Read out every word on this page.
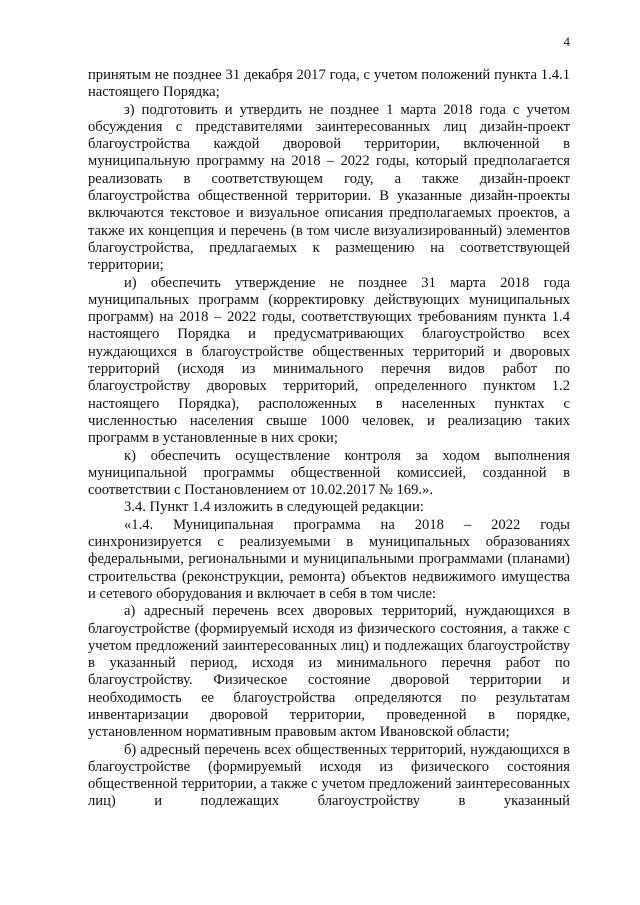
4

принятым не позднее 31 декабря 2017 года, с учетом положений пункта 1.4.1 настоящего Порядка;

з) подготовить и утвердить не позднее 1 марта 2018 года с учетом обсуждения с представителями заинтересованных лиц дизайн-проект благоустройства каждой дворовой территории, включенной в муниципальную программу на 2018 – 2022 годы, который предполагается реализовать в соответствующем году, а также дизайн-проект благоустройства общественной территории. В указанные дизайн-проекты включаются текстовое и визуальное описания предполагаемых проектов, а также их концепция и перечень (в том числе визуализированный) элементов благоустройства, предлагаемых к размещению на соответствующей территории;

и) обеспечить утверждение не позднее 31 марта 2018 года муниципальных программ (корректировку действующих муниципальных программ) на 2018 – 2022 годы, соответствующих требованиям пункта 1.4 настоящего Порядка и предусматривающих благоустройство всех нуждающихся в благоустройстве общественных территорий и дворовых территорий (исходя из минимального перечня видов работ по благоустройству дворовых территорий, определенного пунктом 1.2 настоящего Порядка), расположенных в населенных пунктах с численностью населения свыше 1000 человек, и реализацию таких программ в установленные в них сроки;

к) обеспечить осуществление контроля за ходом выполнения муниципальной программы общественной комиссией, созданной в соответствии с Постановлением от 10.02.2017 № 169.».

3.4. Пункт 1.4 изложить в следующей редакции:

«1.4. Муниципальная программа на 2018 – 2022 годы синхронизируется с реализуемыми в муниципальных образованиях федеральными, региональными и муниципальными программами (планами) строительства (реконструкции, ремонта) объектов недвижимого имущества и сетевого оборудования и включает в себя в том числе:

а) адресный перечень всех дворовых территорий, нуждающихся в благоустройстве (формируемый исходя из физического состояния, а также с учетом предложений заинтересованных лиц) и подлежащих благоустройству в указанный период, исходя из минимального перечня работ по благоустройству. Физическое состояние дворовой территории и необходимость ее благоустройства определяются по результатам инвентаризации дворовой территории, проведенной в порядке, установленном нормативным правовым актом Ивановской области;

б) адресный перечень всех общественных территорий, нуждающихся в благоустройстве (формируемый исходя из физического состояния общественной территории, а также с учетом предложений заинтересованных лиц) и подлежащих благоустройству в указанный
